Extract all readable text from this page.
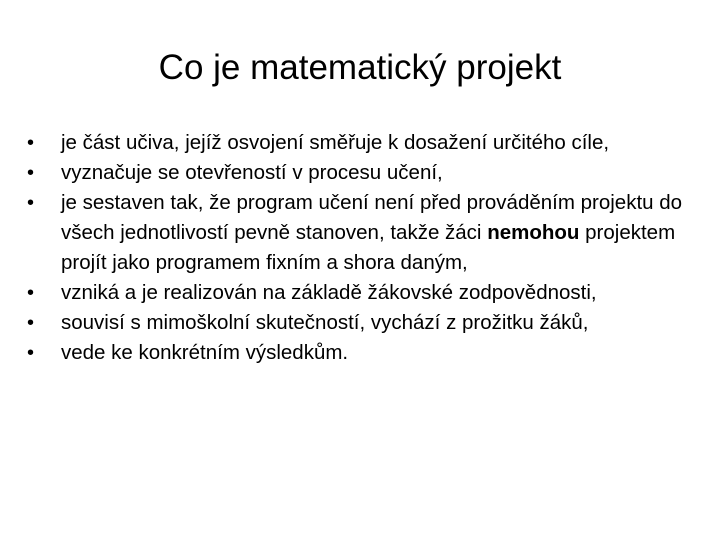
Co je matematický projekt
•	je část učiva, jejíž osvojení směřuje k dosažení určitého cíle,
•	vyznačuje se otevřeností v procesu učení,
•	je sestaven tak, že program učení není před prováděním projektu do všech jednotlivostí pevně stanoven, takže žáci nemohou projektem projít jako programem fixním a shora daným,
•	vzniká a je realizován na základě žákovské zodpovědnosti,
•	souvisí s mimoškolní skutečností, vychází z prožitku žáků,
•	vede ke konkrétním výsledkům.
